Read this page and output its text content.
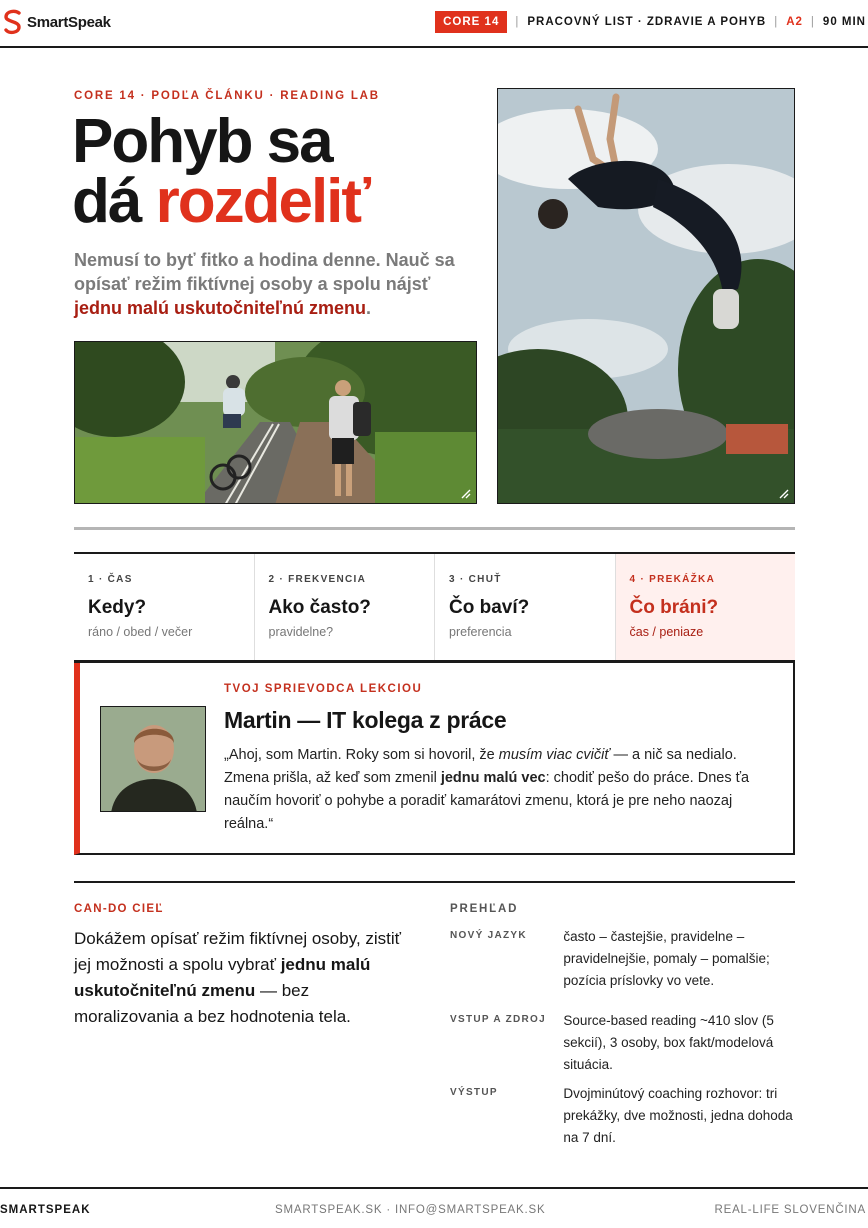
SmartSpeak	CORE 14	| PRACOVNÝ LIST · ZDRAVIE A POHYB | A2 | 90 MIN
CORE 14 · PODĽA ČLÁNKU · READING LAB
Pohyb sa
dá rozdeliť

Nemusí to byť fitko a hodina denne. Nauč sa opísať režim fiktívnej osoby a spolu nájsť jednu malú uskutočniteľnú zmenu.

1 · ČAS
Kedy?
ráno / obed / večer
2 · FREKVENCIA
Ako často?
pravidelne?
3 · CHUŤ
Čo baví?
preferencia
4 · PREKÁŽKA
Čo bráni?
čas / peniaze
TVOJ SPRIEVODCA LEKCIOU
Martin — IT kolega z práce

„Ahoj, som Martin. Roky som si hovoril, že musím viac cvičiť — a nič sa nedialo. Zmena prišla, až keď som zmenil jednu malú vec: chodiť pešo do práce. Dnes ťa naučím hovoriť o pohybe a poradiť kamarátovi zmenu, ktorá je pre neho naozaj reálna.“

CAN-DO CIEĽ

Dokážem opísať režim fiktívnej osoby, zistiť jej možnosti a spolu vybrať jednu malú uskutočniteľnú zmenu — bez moralizovania a bez hodnotenia tela.

PREHĽAD
NOVÝ JAZYK	často – častejšie, pravidelne – pravidelnejšie, pomaly – pomalšie; pozícia príslovky vo vete.
VSTUP A ZDROJ	Source-based reading ~410 slov (5 sekcií), 3 osoby, box fakt/modelová situácia.
VÝSTUP	Dvojminútový coaching rozhovor: tri prekážky, dve možnosti, jedna dohoda na 7 dní.
SMARTSPEAK	SMARTSPEAK.SK · INFO@SMARTSPEAK.SK	REAL-LIFE SLOVENČINA
